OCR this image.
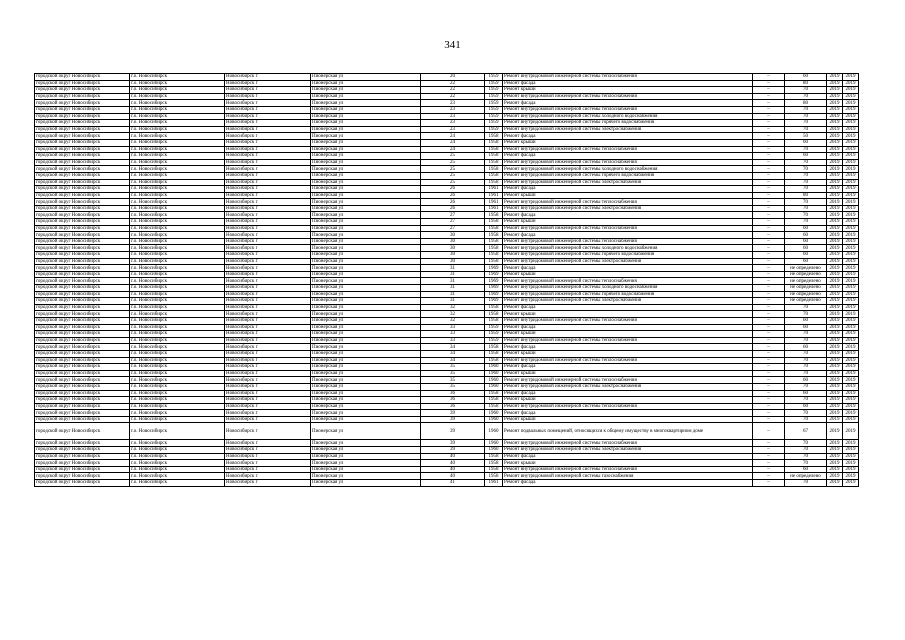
341
городской округ Новосибирск	г.о. Новосибирск	Новосибирск г	Пионерская ул	20	1959	Ремонт внутридомовой инженерной системы теплоснабжения	–	60	2019	2019
городской округ Новосибирск	г.о. Новосибирск	Новосибирск г	Пионерская ул	22	1959	Ремонт фасада	–	80	2019	2019
городской округ Новосибирск	г.о. Новосибирск	Новосибирск г	Пионерская ул	22	1959	Ремонт крыши	–	70	2019	2019
городской округ Новосибирск	г.о. Новосибирск	Новосибирск г	Пионерская ул	22	1959	Ремонт внутридомовой инженерной системы теплоснабжения	–	70	2019	2019
городской округ Новосибирск	г.о. Новосибирск	Новосибирск г	Пионерская ул	23	1959	Ремонт фасада	–	80	2019	2019
городской округ Новосибирск	г.о. Новосибирск	Новосибирск г	Пионерская ул	23	1959	Ремонт внутридомовой инженерной системы теплоснабжения	–	70	2019	2019
городской округ Новосибирск	г.о. Новосибирск	Новосибирск г	Пионерская ул	23	1959	Ремонт внутридомовой инженерной системы холодного водоснабжения	–	70	2019	2019
городской округ Новосибирск	г.о. Новосибирск	Новосибирск г	Пионерская ул	23	1959	Ремонт внутридомовой инженерной системы горячего водоснабжения	–	70	2019	2019
городской округ Новосибирск	г.о. Новосибирск	Новосибирск г	Пионерская ул	23	1959	Ремонт внутридомовой инженерной системы электроснабжения	–	70	2019	2019
городской округ Новосибирск	г.о. Новосибирск	Новосибирск г	Пионерская ул	24	1958	Ремонт фасада	–	50	2019	2019
городской округ Новосибирск	г.о. Новосибирск	Новосибирск г	Пионерская ул	24	1958	Ремонт крыши	–	60	2019	2019
городской округ Новосибирск	г.о. Новосибирск	Новосибирск г	Пионерская ул	24	1958	Ремонт внутридомовой инженерной системы теплоснабжения	–	70	2019	2019
городской округ Новосибирск	г.о. Новосибирск	Новосибирск г	Пионерская ул	25	1958	Ремонт фасада	–	60	2019	2019
городской округ Новосибирск	г.о. Новосибирск	Новосибирск г	Пионерская ул	25	1958	Ремонт внутридомовой инженерной системы теплоснабжения	–	70	2019	2019
городской округ Новосибирск	г.о. Новосибирск	Новосибирск г	Пионерская ул	25	1958	Ремонт внутридомовой инженерной системы холодного водоснабжения	–	70	2019	2019
городской округ Новосибирск	г.о. Новосибирск	Новосибирск г	Пионерская ул	25	1958	Ремонт внутридомовой инженерной системы горячего водоснабжения	–	70	2019	2019
городской округ Новосибирск	г.о. Новосибирск	Новосибирск г	Пионерская ул	25	1958	Ремонт внутридомовой инженерной системы электроснабжения	–	70	2019	2019
городской округ Новосибирск	г.о. Новосибирск	Новосибирск г	Пионерская ул	26	1961	Ремонт фасада	–	70	2019	2019
городской округ Новосибирск	г.о. Новосибирск	Новосибирск г	Пионерская ул	26	1961	Ремонт крыши	–	80	2019	2019
городской округ Новосибирск	г.о. Новосибирск	Новосибирск г	Пионерская ул	26	1961	Ремонт внутридомовой инженерной системы теплоснабжения	–	70	2019	2019
городской округ Новосибирск	г.о. Новосибирск	Новосибирск г	Пионерская ул	26	1961	Ремонт внутридомовой инженерной системы электроснабжения	–	70	2019	2019
городской округ Новосибирск	г.о. Новосибирск	Новосибирск г	Пионерская ул	27	1958	Ремонт фасада	–	70	2019	2019
городской округ Новосибирск	г.о. Новосибирск	Новосибирск г	Пионерская ул	27	1958	Ремонт крыши	–	70	2019	2019
городской округ Новосибирск	г.о. Новосибирск	Новосибирск г	Пионерская ул	27	1958	Ремонт внутридомовой инженерной системы теплоснабжения	–	60	2019	2019
городской округ Новосибирск	г.о. Новосибирск	Новосибирск г	Пионерская ул	30	1958	Ремонт фасада	–	60	2019	2019
городской округ Новосибирск	г.о. Новосибирск	Новосибирск г	Пионерская ул	30	1958	Ремонт внутридомовой инженерной системы теплоснабжения	–	60	2019	2019
городской округ Новосибирск	г.о. Новосибирск	Новосибирск г	Пионерская ул	30	1958	Ремонт внутридомовой инженерной системы холодного водоснабжения	–	60	2019	2019
городской округ Новосибирск	г.о. Новосибирск	Новосибирск г	Пионерская ул	30	1958	Ремонт внутридомовой инженерной системы горячего водоснабжения	–	60	2019	2019
городской округ Новосибирск	г.о. Новосибирск	Новосибирск г	Пионерская ул	30	1958	Ремонт внутридомовой инженерной системы электроснабжения	–	60	2019	2019
городской округ Новосибирск	г.о. Новосибирск	Новосибирск г	Пионерская ул	31	1969	Ремонт фасада	–	не определено	2019	2019
городской округ Новосибирск	г.о. Новосибирск	Новосибирск г	Пионерская ул	31	1969	Ремонт крыши	–	не определено	2019	2019
городской округ Новосибирск	г.о. Новосибирск	Новосибирск г	Пионерская ул	31	1969	Ремонт внутридомовой инженерной системы теплоснабжения	–	не определено	2019	2019
городской округ Новосибирск	г.о. Новосибирск	Новосибирск г	Пионерская ул	31	1969	Ремонт внутридомовой инженерной системы холодного водоснабжения	–	не определено	2019	2019
городской округ Новосибирск	г.о. Новосибирск	Новосибирск г	Пионерская ул	31	1969	Ремонт внутридомовой инженерной системы горячего водоснабжения	–	не определено	2019	2019
городской округ Новосибирск	г.о. Новосибирск	Новосибирск г	Пионерская ул	31	1969	Ремонт внутридомовой инженерной системы электроснабжения	–	не определено	2019	2019
городской округ Новосибирск	г.о. Новосибирск	Новосибирск г	Пионерская ул	32	1958	Ремонт фасада	–	70	2019	2019
городской округ Новосибирск	г.о. Новосибирск	Новосибирск г	Пионерская ул	32	1958	Ремонт крыши	–	70	2019	2019
городской округ Новосибирск	г.о. Новосибирск	Новосибирск г	Пионерская ул	32	1958	Ремонт внутридомовой инженерной системы теплоснабжения	–	60	2019	2019
городской округ Новосибирск	г.о. Новосибирск	Новосибирск г	Пионерская ул	33	1959	Ремонт фасада	–	60	2019	2019
городской округ Новосибирск	г.о. Новосибирск	Новосибирск г	Пионерская ул	33	1959	Ремонт крыши	–	70	2019	2019
городской округ Новосибирск	г.о. Новосибирск	Новосибирск г	Пионерская ул	33	1959	Ремонт внутридомовой инженерной системы теплоснабжения	–	70	2019	2019
городской округ Новосибирск	г.о. Новосибирск	Новосибирск г	Пионерская ул	34	1958	Ремонт фасада	–	60	2019	2019
городской округ Новосибирск	г.о. Новосибирск	Новосибирск г	Пионерская ул	34	1958	Ремонт крыши	–	70	2019	2019
городской округ Новосибирск	г.о. Новосибирск	Новосибирск г	Пионерская ул	34	1958	Ремонт внутридомовой инженерной системы теплоснабжения	–	70	2019	2019
городской округ Новосибирск	г.о. Новосибирск	Новосибирск г	Пионерская ул	35	1960	Ремонт фасада	–	70	2019	2019
городской округ Новосибирск	г.о. Новосибирск	Новосибирск г	Пионерская ул	35	1960	Ремонт крыши	–	70	2019	2019
городской округ Новосибирск	г.о. Новосибирск	Новосибирск г	Пионерская ул	35	1960	Ремонт внутридомовой инженерной системы теплоснабжения	–	60	2019	2019
городской округ Новосибирск	г.о. Новосибирск	Новосибирск г	Пионерская ул	35	1960	Ремонт внутридомовой инженерной системы электроснабжения	–	70	2019	2019
городской округ Новосибирск	г.о. Новосибирск	Новосибирск г	Пионерская ул	36	1958	Ремонт фасада	–	60	2019	2019
городской округ Новосибирск	г.о. Новосибирск	Новосибирск г	Пионерская ул	36	1958	Ремонт крыши	–	70	2019	2019
городской округ Новосибирск	г.о. Новосибирск	Новосибирск г	Пионерская ул	36	1958	Ремонт внутридомовой инженерной системы теплоснабжения	–	60	2019	2019
городской округ Новосибирск	г.о. Новосибирск	Новосибирск г	Пионерская ул	39	1960	Ремонт фасада	–	70	2019	2019
городской округ Новосибирск	г.о. Новосибирск	Новосибирск г	Пионерская ул	39	1960	Ремонт крыши	–	70	2019	2019
городской округ Новосибирск	г.о. Новосибирск	Новосибирск г	Пионерская ул	39	1960	Ремонт подвальных помещений, относящихся к общему имуществу в многоквартирном доме	–	67	2019	2019
городской округ Новосибирск	г.о. Новосибирск	Новосибирск г	Пионерская ул	39	1960	Ремонт внутридомовой инженерной системы теплоснабжения	–	70	2019	2019
городской округ Новосибирск	г.о. Новосибирск	Новосибирск г	Пионерская ул	39	1960	Ремонт внутридомовой инженерной системы электроснабжения	–	70	2019	2019
городской округ Новосибирск	г.о. Новосибирск	Новосибирск г	Пионерская ул	40	1958	Ремонт фасада	–	70	2019	2019
городской округ Новосибирск	г.о. Новосибирск	Новосибирск г	Пионерская ул	40	1958	Ремонт крыши	–	70	2019	2019
городской округ Новосибирск	г.о. Новосибирск	Новосибирск г	Пионерская ул	40	1958	Ремонт внутридомовой инженерной системы теплоснабжения	–	60	2019	2019
городской округ Новосибирск	г.о. Новосибирск	Новосибирск г	Пионерская ул	40	1958	Ремонт внутридомовой инженерной системы газоснабжения	–	не определено	2019	2019
городской округ Новосибирск	г.о. Новосибирск	Новосибирск г	Пионерская ул	41	1961	Ремонт фасада	–	70	2019	2019
